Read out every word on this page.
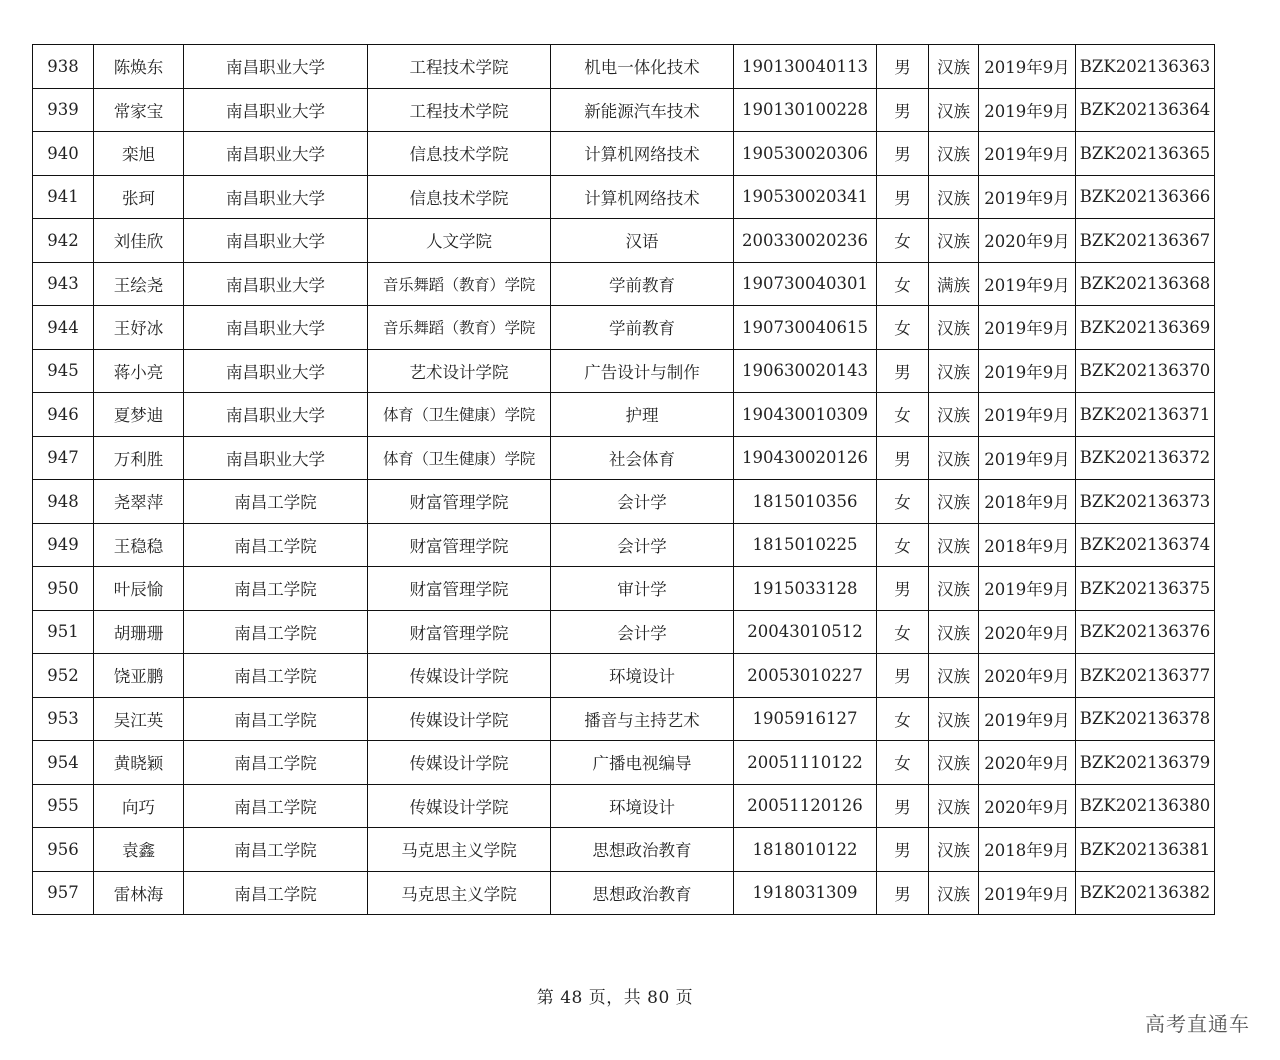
938	陈焕东	南昌职业大学	工程技术学院	机电一体化技术	190130040113	男	汉族	2019年9月	BZK202136363
939	常家宝	南昌职业大学	工程技术学院	新能源汽车技术	190130100228	男	汉族	2019年9月	BZK202136364
940	栾旭	南昌职业大学	信息技术学院	计算机网络技术	190530020306	男	汉族	2019年9月	BZK202136365
941	张珂	南昌职业大学	信息技术学院	计算机网络技术	190530020341	男	汉族	2019年9月	BZK202136366
942	刘佳欣	南昌职业大学	人文学院	汉语	200330020236	女	汉族	2020年9月	BZK202136367
943	王绘尧	南昌职业大学	音乐舞蹈（教育）学院	学前教育	190730040301	女	满族	2019年9月	BZK202136368
944	王妤冰	南昌职业大学	音乐舞蹈（教育）学院	学前教育	190730040615	女	汉族	2019年9月	BZK202136369
945	蒋小亮	南昌职业大学	艺术设计学院	广告设计与制作	190630020143	男	汉族	2019年9月	BZK202136370
946	夏梦迪	南昌职业大学	体育（卫生健康）学院	护理	190430010309	女	汉族	2019年9月	BZK202136371
947	万利胜	南昌职业大学	体育（卫生健康）学院	社会体育	190430020126	男	汉族	2019年9月	BZK202136372
948	尧翠萍	南昌工学院	财富管理学院	会计学	1815010356	女	汉族	2018年9月	BZK202136373
949	王稳稳	南昌工学院	财富管理学院	会计学	1815010225	女	汉族	2018年9月	BZK202136374
950	叶辰愉	南昌工学院	财富管理学院	审计学	1915033128	男	汉族	2019年9月	BZK202136375
951	胡珊珊	南昌工学院	财富管理学院	会计学	20043010512	女	汉族	2020年9月	BZK202136376
952	饶亚鹏	南昌工学院	传媒设计学院	环境设计	20053010227	男	汉族	2020年9月	BZK202136377
953	吴江英	南昌工学院	传媒设计学院	播音与主持艺术	1905916127	女	汉族	2019年9月	BZK202136378
954	黄晓颖	南昌工学院	传媒设计学院	广播电视编导	20051110122	女	汉族	2020年9月	BZK202136379
955	向巧	南昌工学院	传媒设计学院	环境设计	20051120126	男	汉族	2020年9月	BZK202136380
956	袁鑫	南昌工学院	马克思主义学院	思想政治教育	1818010122	男	汉族	2018年9月	BZK202136381
957	雷林海	南昌工学院	马克思主义学院	思想政治教育	1918031309	男	汉族	2019年9月	BZK202136382
第 48 页，共 80 页
高考直通车
